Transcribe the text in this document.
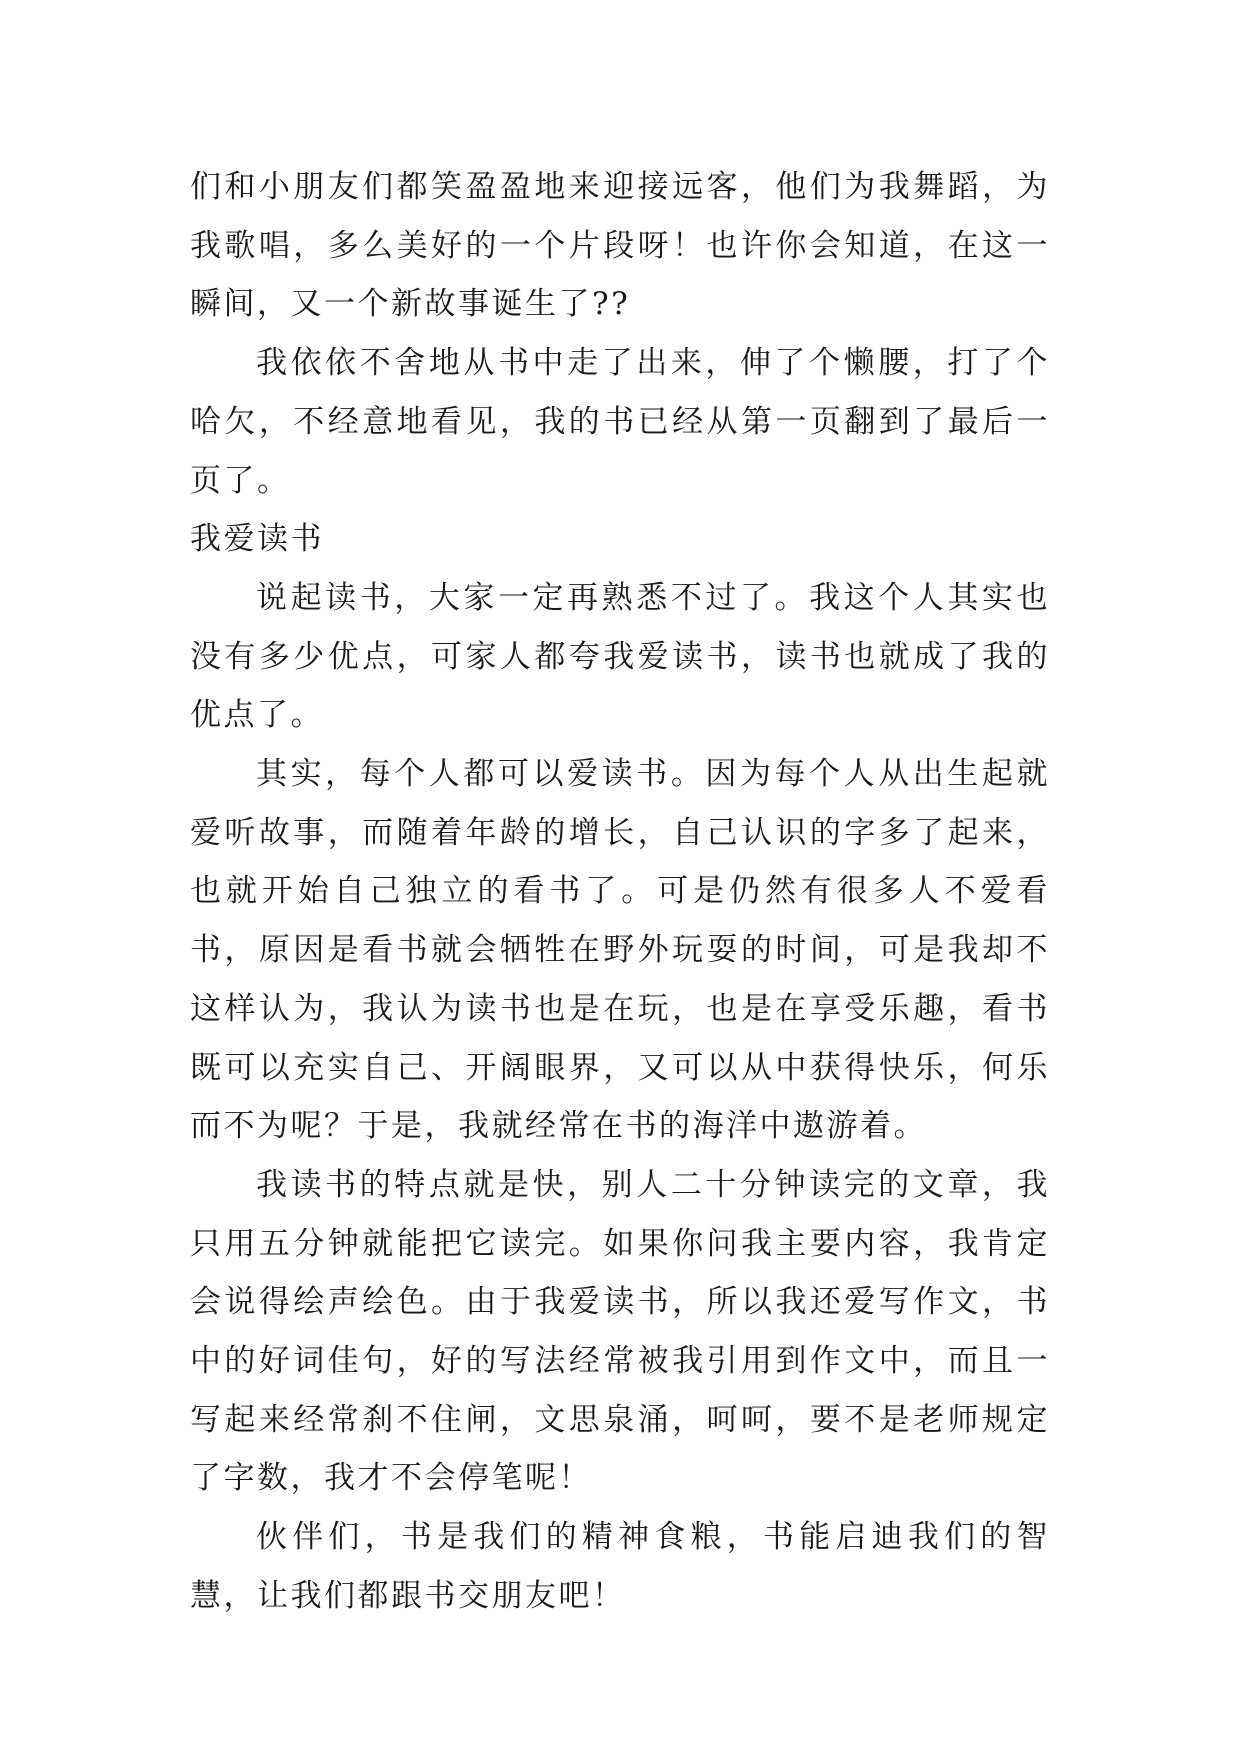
们和小朋友们都笑盈盈地来迎接远客，他们为我舞蹈，为我歌唱，多么美好的一个片段呀！也许你会知道，在这一瞬间，又一个新故事诞生了??

我依依不舍地从书中走了出来，伸了个懒腰，打了个哈欠，不经意地看见，我的书已经从第一页翻到了最后一页了。

我爱读书

说起读书，大家一定再熟悉不过了。我这个人其实也没有多少优点，可家人都夸我爱读书，读书也就成了我的优点了。

其实，每个人都可以爱读书。因为每个人从出生起就爱听故事，而随着年龄的增长，自己认识的字多了起来，也就开始自己独立的看书了。可是仍然有很多人不爱看书，原因是看书就会牺牲在野外玩耍的时间，可是我却不这样认为，我认为读书也是在玩，也是在享受乐趣，看书既可以充实自己、开阔眼界，又可以从中获得快乐，何乐而不为呢？于是，我就经常在书的海洋中遨游着。

我读书的特点就是快，别人二十分钟读完的文章，我只用五分钟就能把它读完。如果你问我主要内容，我肯定会说得绘声绘色。由于我爱读书，所以我还爱写作文，书中的好词佳句，好的写法经常被我引用到作文中，而且一写起来经常刹不住闸，文思泉涌，呵呵，要不是老师规定了字数，我才不会停笔呢！

伙伴们，书是我们的精神食粮，书能启迪我们的智慧，让我们都跟书交朋友吧！
